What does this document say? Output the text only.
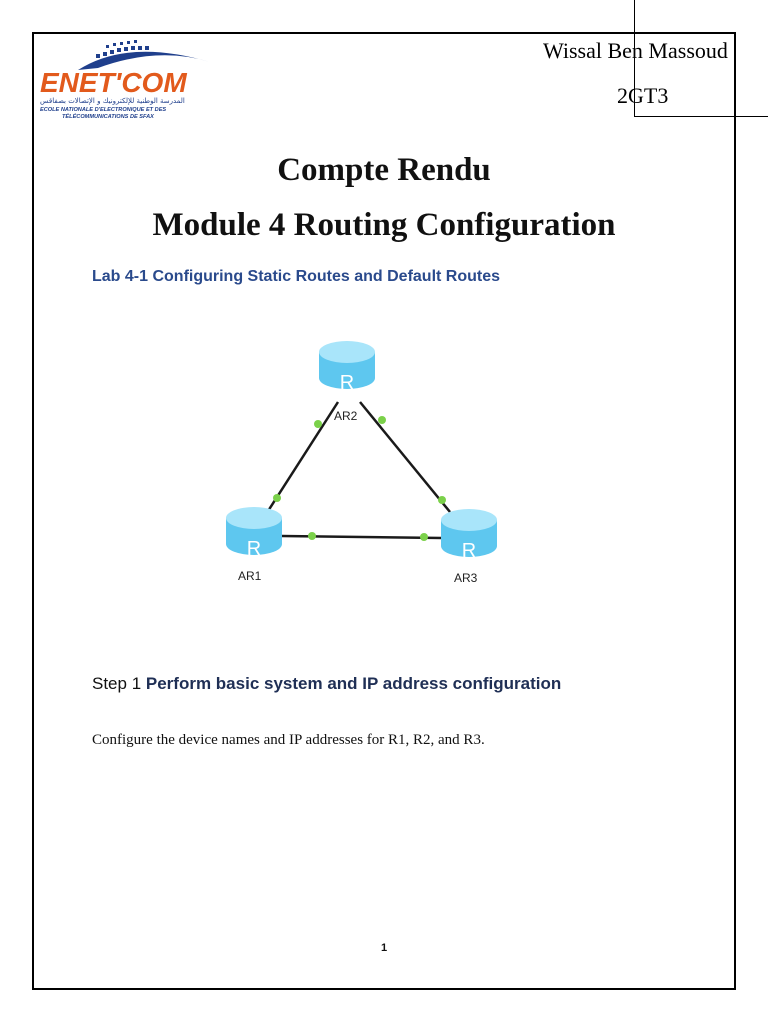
Wissal Ben Massoud
2GT3
ENET'COM
المدرسة الوطنية للإلكترونيك و الإتصالات بصفاقس
ECOLE NATIONALE D'ELECTRONIQUE ET DES
TÉLÉCOMMUNICATIONS DE SFAX
Compte Rendu
Module 4 Routing Configuration
Lab 4-1 Configuring Static Routes and Default Routes
R
AR2
R
AR1
R
AR3
Step 1 Perform basic system and IP address configuration
Configure the device names and IP addresses for R1, R2, and R3.
1
